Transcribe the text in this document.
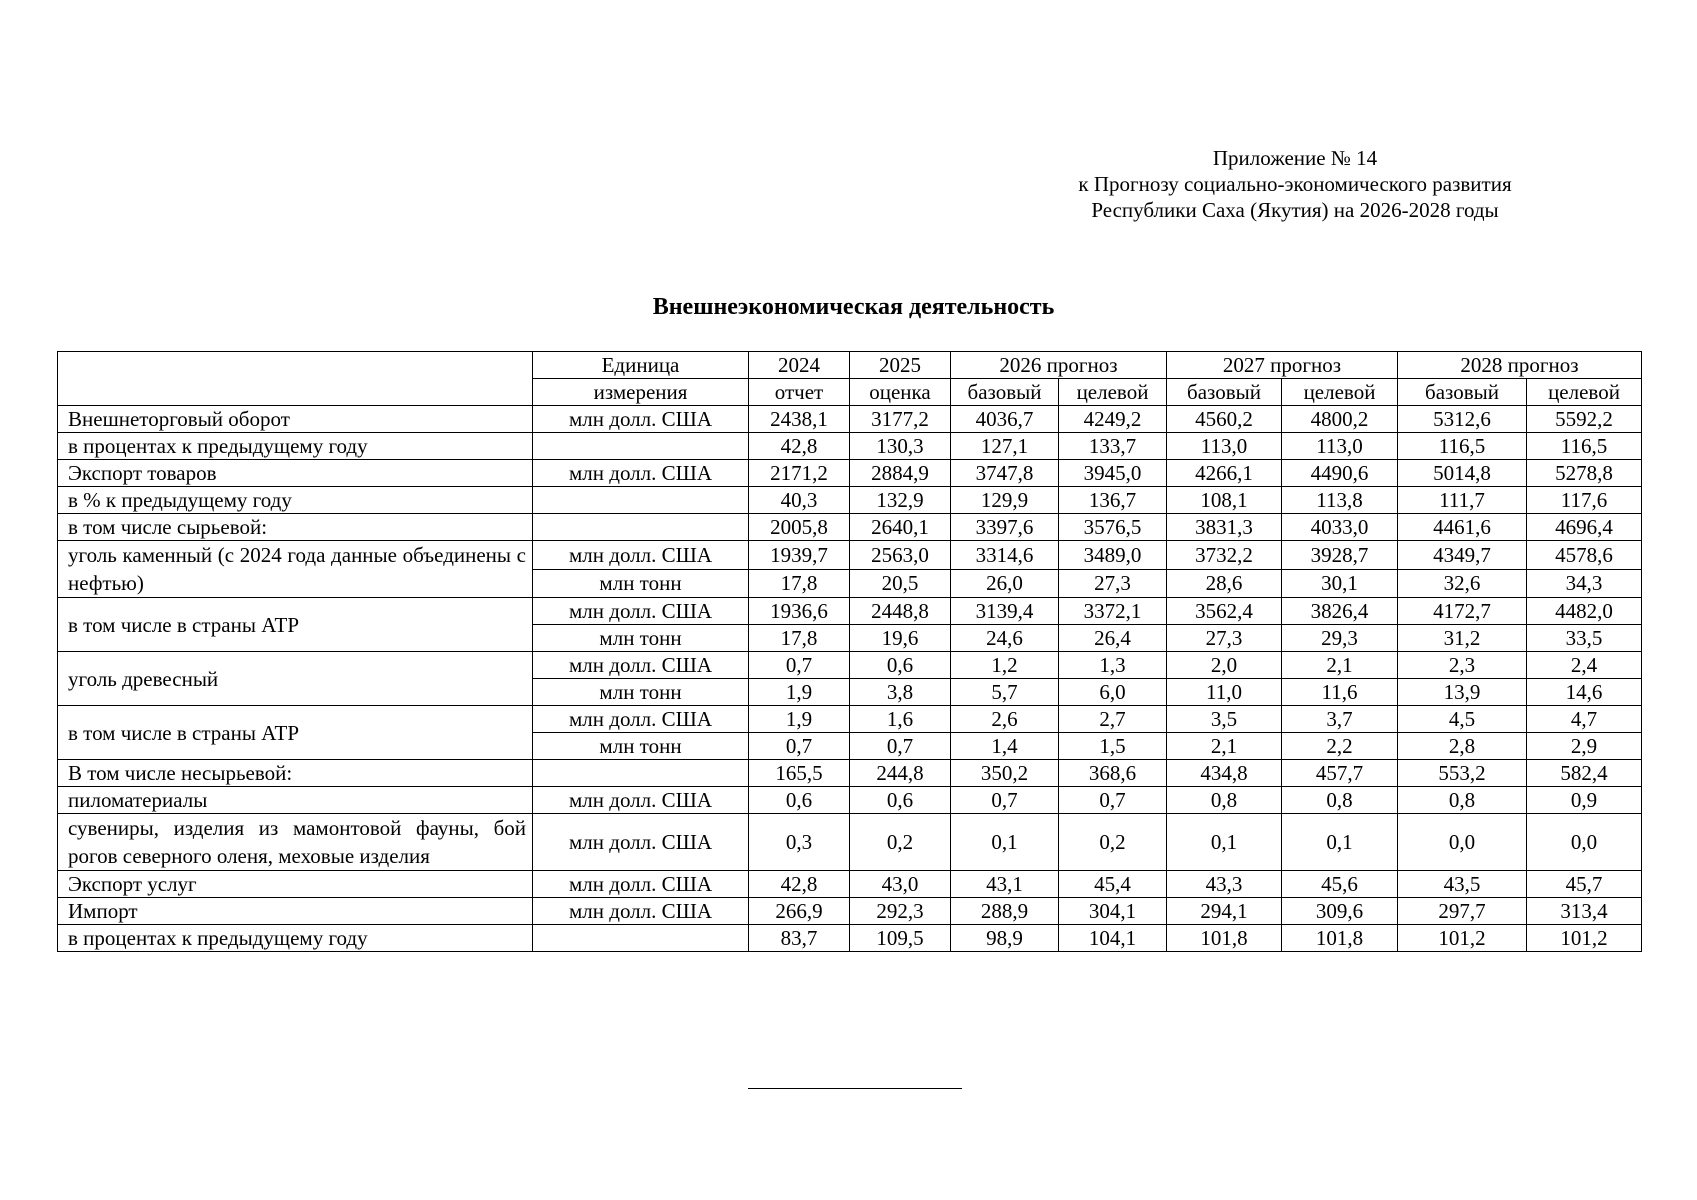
Приложение № 14
к Прогнозу социально-экономического развития
Республики Саха (Якутия) на 2026-2028 годы
Внешнеэкономическая деятельность
	Единица	2024	2025	2026 прогноз		2027 прогноз		2028 прогноз	
	измерения	отчет	оценка	базовый	целевой	базовый	целевой	базовый	целевой
Внешнеторговый оборот	млн долл. США	2438,1	3177,2	4036,7	4249,2	4560,2	4800,2	5312,6	5592,2
в процентах к предыдущему году		42,8	130,3	127,1	133,7	113,0	113,0	116,5	116,5
Экспорт товаров	млн долл. США	2171,2	2884,9	3747,8	3945,0	4266,1	4490,6	5014,8	5278,8
в % к предыдущему году		40,3	132,9	129,9	136,7	108,1	113,8	111,7	117,6
в том числе сырьевой:		2005,8	2640,1	3397,6	3576,5	3831,3	4033,0	4461,6	4696,4
уголь каменный (с 2024 года данные объединены с нефтью)	млн долл. США	1939,7	2563,0	3314,6	3489,0	3732,2	3928,7	4349,7	4578,6
	млн тонн	17,8	20,5	26,0	27,3	28,6	30,1	32,6	34,3
в том числе в страны АТР	млн долл. США	1936,6	2448,8	3139,4	3372,1	3562,4	3826,4	4172,7	4482,0
	млн тонн	17,8	19,6	24,6	26,4	27,3	29,3	31,2	33,5
уголь древесный	млн долл. США	0,7	0,6	1,2	1,3	2,0	2,1	2,3	2,4
	млн тонн	1,9	3,8	5,7	6,0	11,0	11,6	13,9	14,6
в том числе в страны АТР	млн долл. США	1,9	1,6	2,6	2,7	3,5	3,7	4,5	4,7
	млн тонн	0,7	0,7	1,4	1,5	2,1	2,2	2,8	2,9
В том числе несырьевой:		165,5	244,8	350,2	368,6	434,8	457,7	553,2	582,4
пиломатериалы	млн долл. США	0,6	0,6	0,7	0,7	0,8	0,8	0,8	0,9
сувениры, изделия из мамонтовой фауны, бой рогов северного оленя, меховые изделия	млн долл. США	0,3	0,2	0,1	0,2	0,1	0,1	0,0	0,0
Экспорт услуг	млн долл. США	42,8	43,0	43,1	45,4	43,3	45,6	43,5	45,7
Импорт	млн долл. США	266,9	292,3	288,9	304,1	294,1	309,6	297,7	313,4
в процентах к предыдущему году		83,7	109,5	98,9	104,1	101,8	101,8	101,2	101,2
